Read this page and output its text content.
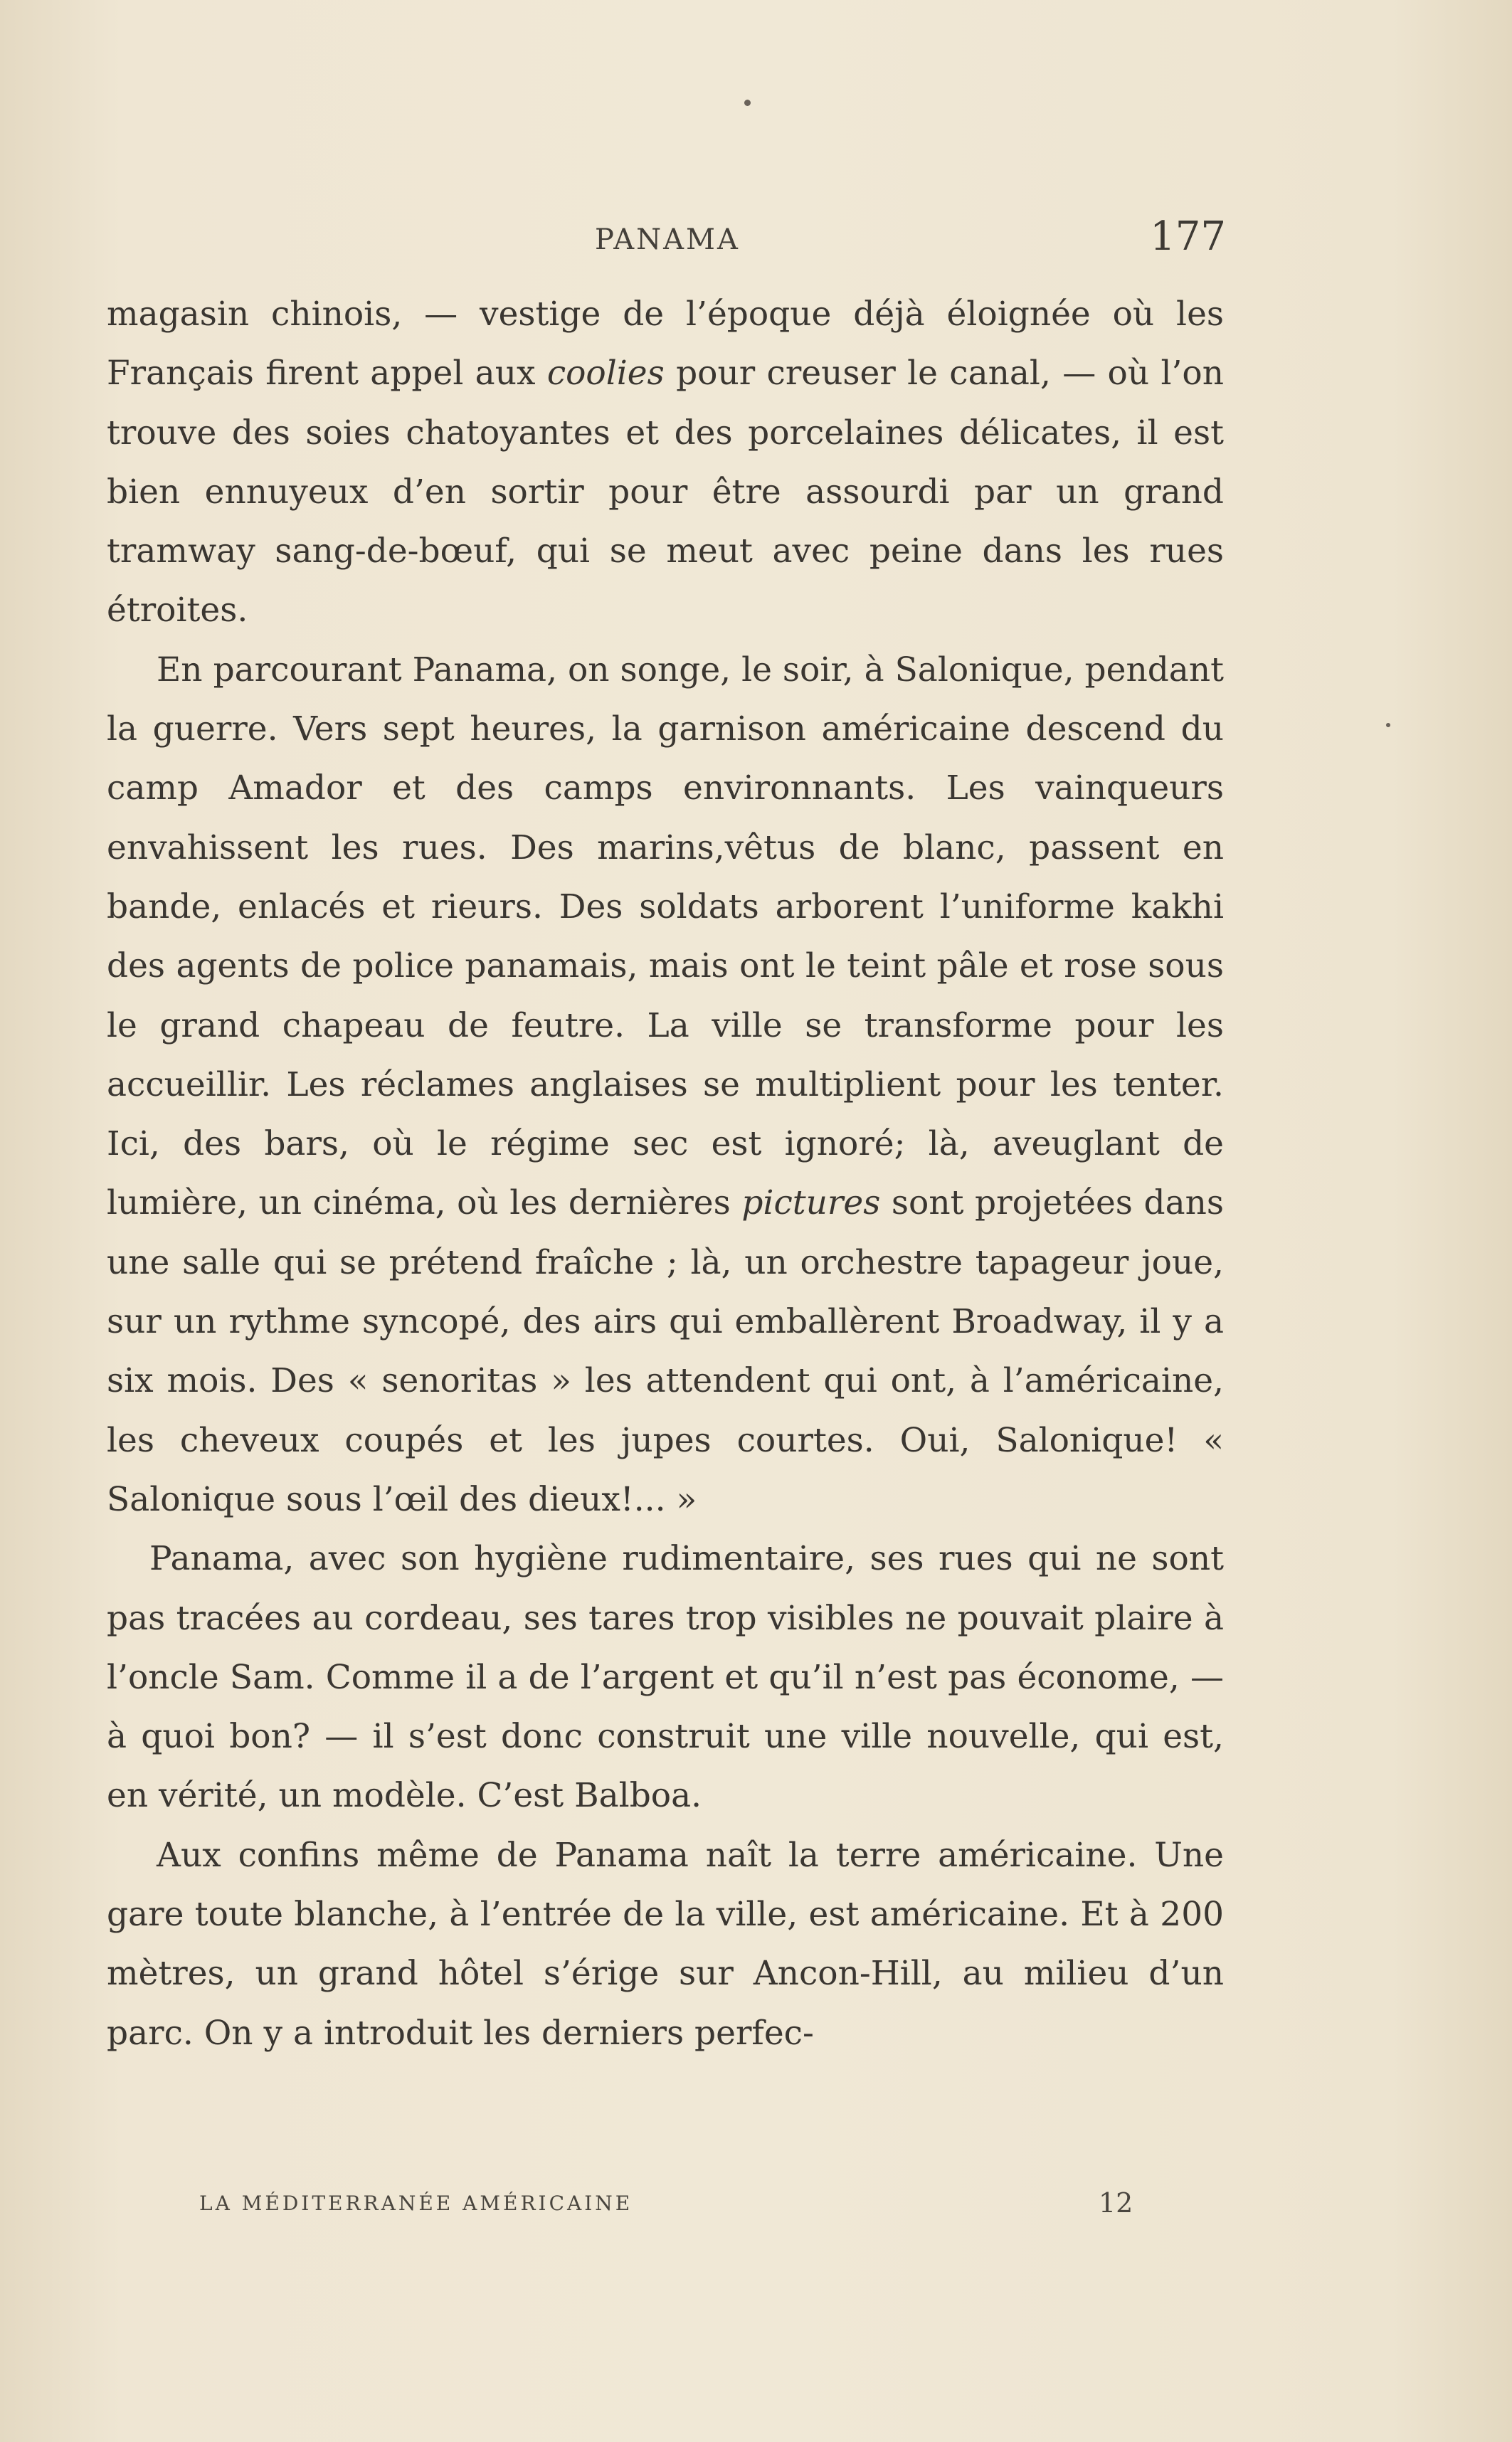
PANAMA	177

magasin chinois, — vestige de l’époque déjà éloignée où les Français firent appel aux coolies pour creuser le canal, — où l’on trouve des soies chatoyantes et des porcelaines délicates, il est bien ennuyeux d’en sortir pour être assourdi par un grand tramway sang-de-bœuf, qui se meut avec peine dans les rues étroites.

En parcourant Panama, on songe, le soir, à Salonique, pendant la guerre. Vers sept heures, la garnison américaine descend du camp Amador et des camps environnants. Les vainqueurs envahissent les rues. Des marins,vêtus de blanc, passent en bande, enlacés et rieurs. Des soldats arborent l’uniforme kakhi des agents de police panamais, mais ont le teint pâle et rose sous le grand chapeau de feutre. La ville se transforme pour les accueillir. Les réclames anglaises se multiplient pour les tenter. Ici, des bars, où le régime sec est ignoré; là, aveuglant de lumière, un cinéma, où les dernières pictures sont projetées dans une salle qui se prétend fraîche ; là, un orchestre tapageur joue, sur un rythme syncopé, des airs qui emballèrent Broadway, il y a six mois. Des « senoritas » les attendent qui ont, à l’américaine, les cheveux coupés et les jupes courtes. Oui, Salonique! « Salonique sous l’œil des dieux!... »

Panama, avec son hygiène rudimentaire, ses rues qui ne sont pas tracées au cordeau, ses tares trop visibles ne pouvait plaire à l’oncle Sam. Comme il a de l’argent et qu’il n’est pas économe, — à quoi bon? — il s’est donc construit une ville nouvelle, qui est, en vérité, un modèle. C’est Balboa.

Aux confins même de Panama naît la terre américaine. Une gare toute blanche, à l’entrée de la ville, est américaine. Et à 200 mètres, un grand hôtel s’érige sur Ancon-Hill, au milieu d’un parc. On y a introduit les derniers perfec-

LA MÉDITERRANÉE AMÉRICAINE	12
